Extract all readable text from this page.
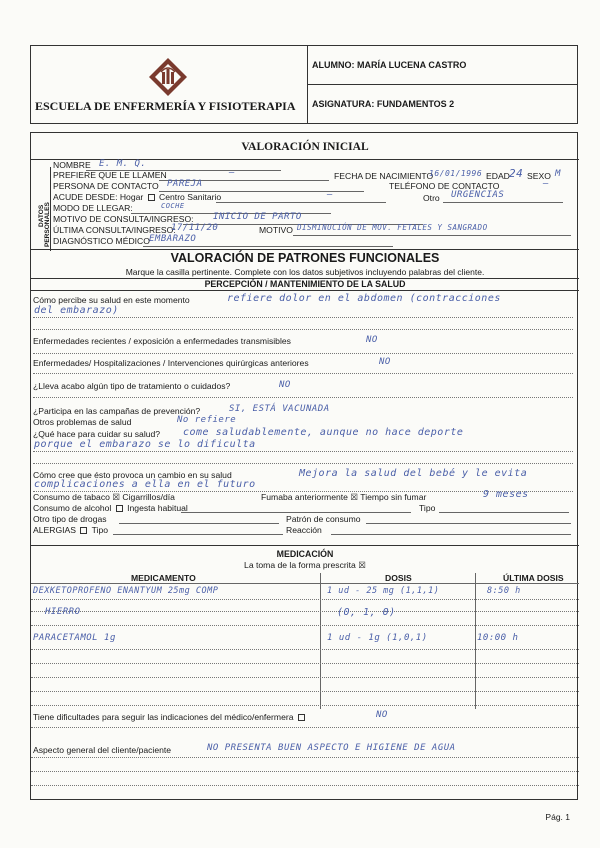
ESCUELA DE ENFERMERÍA Y FISIOTERAPIA
ALUMNO: MARÍA LUCENA CASTRO
ASIGNATURA: FUNDAMENTOS 2
VALORACIÓN INICIAL
DATOS PERSONALES
NOMBRE E. M. Q.
PREFIERE QUE LE LLAMEN	–	FECHA DE NACIMIENTO
16/01/1996 EDAD 24 SEXO M
PERSONA DE CONTACTO PAREJA	TELÉFONO DE CONTACTO	–
ACUDE DESDE: Hogar Centro Sanitario	–	Otro URGENCIAS
MODO DE LLEGAR:	COCHE
MOTIVO DE CONSULTA/INGRESO: INICIO DE PARTO
ÚLTIMA CONSULTA/INGRESO:
17/11/20	MOTIVO DISMINUCIÓN DE MOV. FETALES Y SANGRADO
DIAGNÓSTICO MÉDICO EMBARAZO
VALORACIÓN DE PATRONES FUNCIONALES
Marque la casilla pertinente. Complete con los datos subjetivos incluyendo palabras del cliente.
PERCEPCIÓN / MANTENIMIENTO DE LA SALUD
Cómo percibe su salud en este momento	refiere dolor en el abdomen (contracciones
del embarazo)
Enfermedades recientes / exposición a enfermedades transmisibles	NO
Enfermedades/ Hospitalizaciones / Intervenciones quirúrgicas anteriores	NO
¿Lleva acabo algún tipo de tratamiento o cuidados?	NO
¿Participa en las campañas de prevención?	SI, ESTÁ VACUNADA
Otros problemas de salud	No refiere
¿Qué hace para cuidar su salud? come saludablemente, aunque no hace deporte
porque el embarazo se lo dificulta
Cómo cree que ésto provoca un cambio en su salud	Mejora la salud del bebé y le evita
complicaciones a ella en el futuro
Consumo de tabaco ☒ Cigarrillos/día	Fumaba anteriormente ☒ Tiempo sin fumar	9 meses
Consumo de alcohol Ingesta habitual	Tipo
Otro tipo de drogas	Patrón de consumo
ALERGIAS Tipo	Reacción
MEDICACIÓN
La toma de la forma prescrita ☒
MEDICAMENTO	DOSIS	ÚLTIMA DOSIS
DEXKETOPROFENO ENANTYUM 25mg COMP	1 ud - 25 mg (1,1,1)	8:50 h
HIERRO	(0, 1, 0)
PARACETAMOL 1g	1 ud - 1g (1,0,1)	10:00 h
Tiene dificultades para seguir las indicaciones del médico/enfermera	NO
Aspecto general del cliente/paciente	NO PRESENTA BUEN ASPECTO E HIGIENE DE AGUA
Pág. 1
